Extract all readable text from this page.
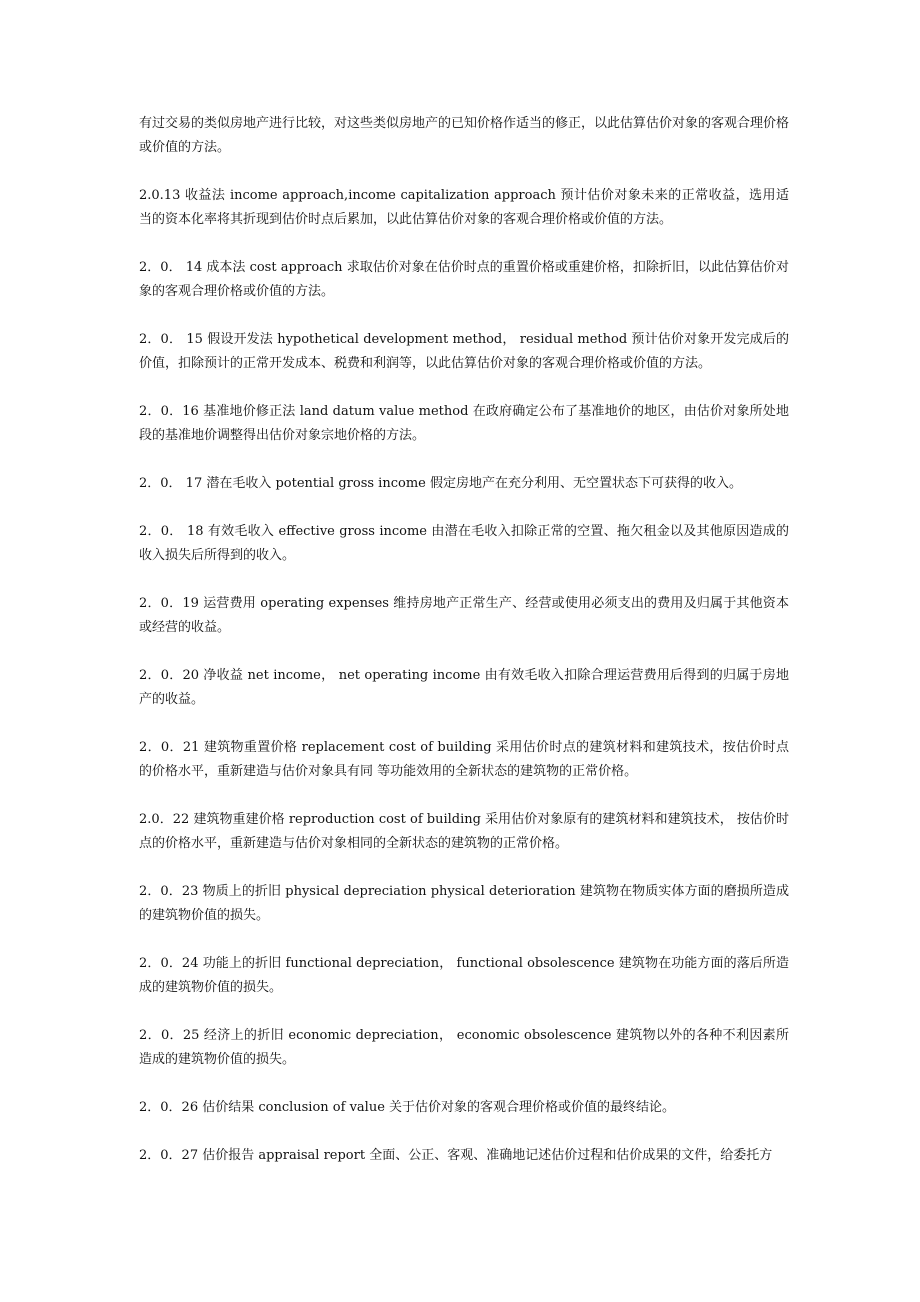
有过交易的类似房地产进行比较，对这些类似房地产的已知价格作适当的修正，以此估算估价对象的客观合理价格或价值的方法。

2.0.13 收益法 income approach,income capitalization approach 预计估价对象未来的正常收益，选用适当的资本化率将其折现到估价时点后累加，以此估算估价对象的客观合理价格或价值的方法。

2．0． 14 成本法 cost approach 求取估价对象在估价时点的重置价格或重建价格，扣除折旧，以此估算估价对象的客观合理价格或价值的方法。

2．0． 15 假设开发法 hypothetical development method， residual method 预计估价对象开发完成后的价值，扣除预计的正常开发成本、税费和利润等，以此估算估价对象的客观合理价格或价值的方法。

2．0．16 基准地价修正法 land datum value method 在政府确定公布了基准地价的地区，由估价对象所处地段的基准地价调整得出估价对象宗地价格的方法。

2．0． 17 潜在毛收入 potential gross income 假定房地产在充分利用、无空置状态下可获得的收入。

2．0． 18 有效毛收入 effective gross income 由潜在毛收入扣除正常的空置、拖欠租金以及其他原因造成的收入损失后所得到的收入。

2．0．19 运营费用 operating expenses 维持房地产正常生产、经营或使用必须支出的费用及归属于其他资本或经营的收益。

2．0．20 净收益 net income， net operating income 由有效毛收入扣除合理运营费用后得到的归属于房地产的收益。

2．0．21 建筑物重置价格 replacement cost of building 采用估价时点的建筑材料和建筑技术，按估价时点的价格水平，重新建造与估价对象具有同 等功能效用的全新状态的建筑物的正常价格。

2.0．22 建筑物重建价格 reproduction cost of building 采用估价对象原有的建筑材料和建筑技术， 按估价时点的价格水平，重新建造与估价对象相同的全新状态的建筑物的正常价格。

2．0．23 物质上的折旧 physical depreciation physical deterioration 建筑物在物质实体方面的磨损所造成的建筑物价值的损失。

2．0．24 功能上的折旧 functional depreciation， functional obsolescence 建筑物在功能方面的落后所造成的建筑物价值的损失。

2．0．25 经济上的折旧 economic depreciation， economic obsolescence 建筑物以外的各种不利因素所造成的建筑物价值的损失。

2．0．26 估价结果 conclusion of value 关于估价对象的客观合理价格或价值的最终结论。

2．0．27 估价报告 appraisal report 全面、公正、客观、准确地记述估价过程和估价成果的文件，给委托方
